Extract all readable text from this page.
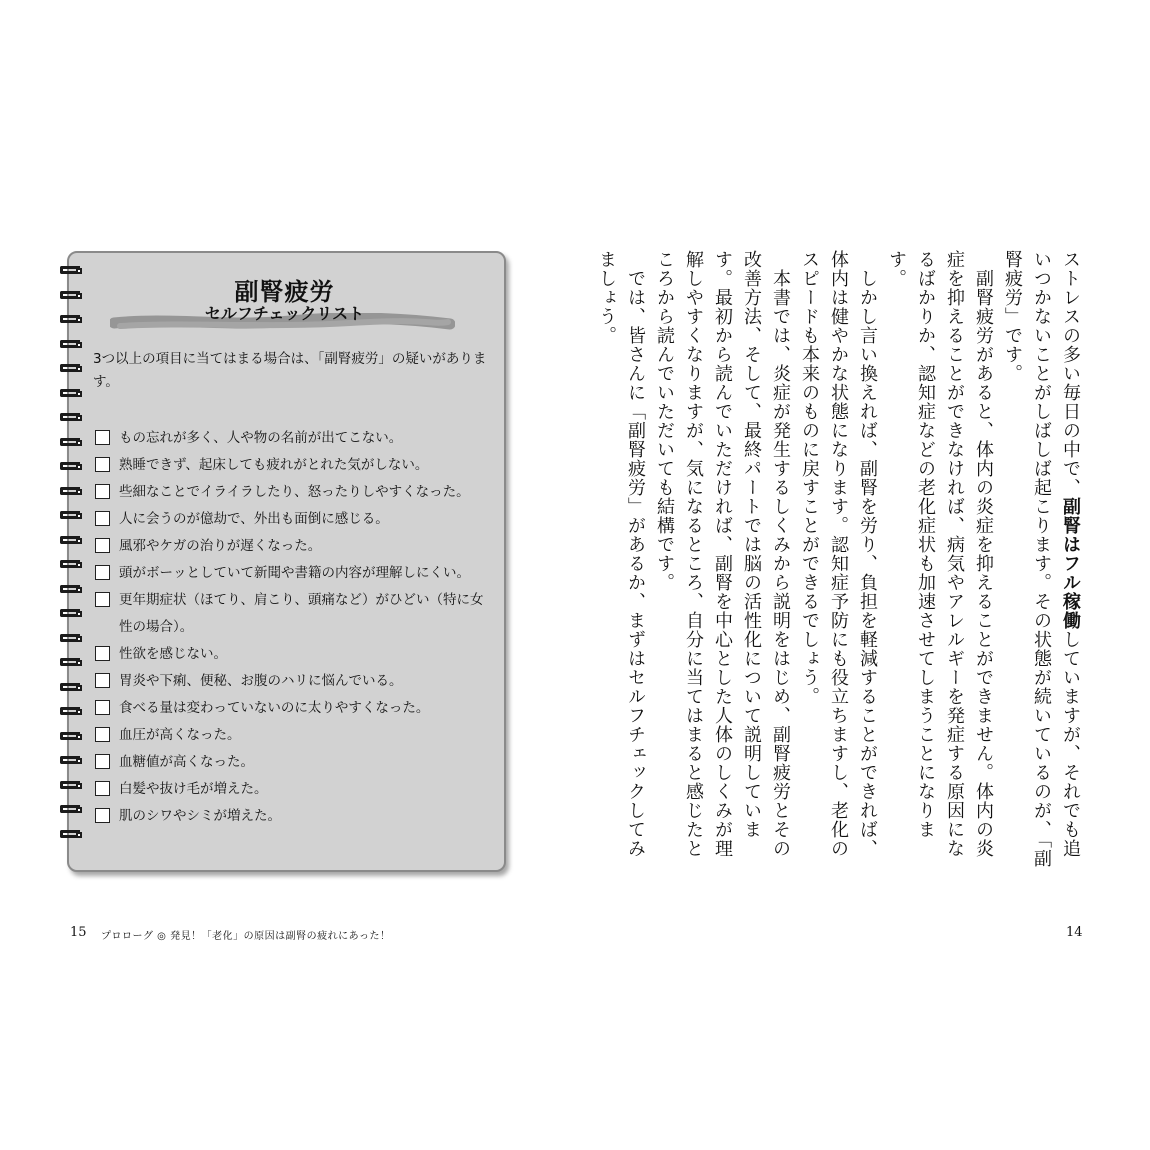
副腎疲労
セルフチェックリスト
3つ以上の項目に当てはまる場合は、「副腎疲労」の疑いがあります。
もの忘れが多く、人や物の名前が出てこない。
熟睡できず、起床しても疲れがとれた気がしない。
些細なことでイライラしたり、怒ったりしやすくなった。
人に会うのが億劫で、外出も面倒に感じる。
風邪やケガの治りが遅くなった。
頭がボーッとしていて新聞や書籍の内容が理解しにくい。
更年期症状（ほてり、肩こり、頭痛など）がひどい（特に女性の場合）。
性欲を感じない。
胃炎や下痢、便秘、お腹のハリに悩んでいる。
食べる量は変わっていないのに太りやすくなった。
血圧が高くなった。
血糖値が高くなった。
白髪や抜け毛が増えた。
肌のシワやシミが増えた。
15 プロローグ ◎ 発見！「老化」の原因は副腎の疲れにあった！

ストレスの多い毎日の中で、副腎はフル稼働していますが、それでも追いつかないことがしばしば起こります。その状態が続いているのが、「副腎疲労」です。

　副腎疲労があると、体内の炎症を抑えることができません。体内の炎症を抑えることができなければ、病気やアレルギーを発症する原因になるばかりか、認知症などの老化症状も加速させてしまうことになります。

　しかし言い換えれば、副腎を労り、負担を軽減することができれば、体内は健やかな状態になります。認知症予防にも役立ちますし、老化のスピードも本来のものに戻すことができるでしょう。

　本書では、炎症が発生するしくみから説明をはじめ、副腎疲労とその改善方法、そして、最終パートでは脳の活性化について説明しています。最初から読んでいただければ、副腎を中心とした人体のしくみが理解しやすくなりますが、気になるところ、自分に当てはまると感じたところから読んでいただいても結構です。

　では、皆さんに「副腎疲労」があるか、まずはセルフチェックしてみましょう。

14
